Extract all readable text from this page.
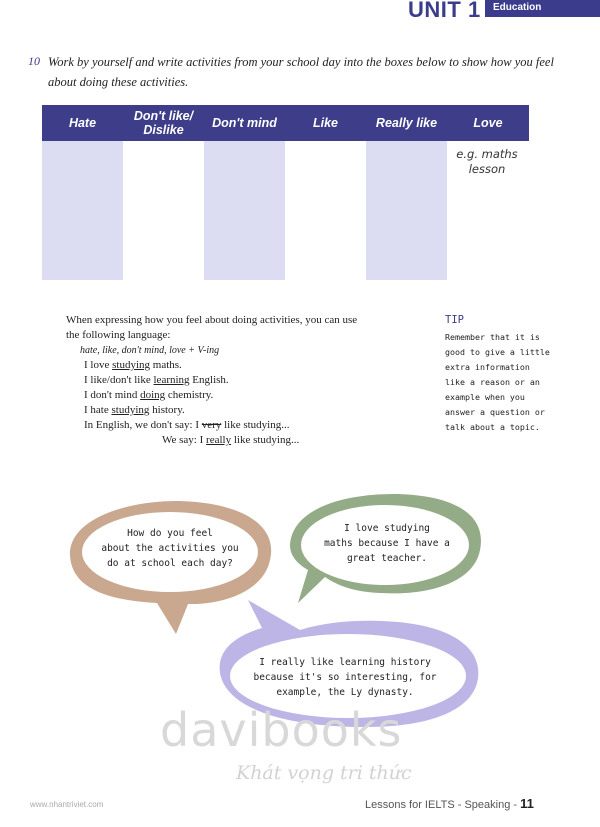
UNIT 1 Education
10 Work by yourself and write activities from your school day into the boxes below to show how you feel about doing these activities.
Hate	Don't like/ Dislike	Don't mind	Like	Really like	Love
e.g. maths lesson
When expressing how you feel about doing activities, you can use the following language:
hate, like, don't mind, love + V-ing
I love studying maths.
I like/don't like learning English.
I don't mind doing chemistry.
I hate studying history.
In English, we don't say: I very like studying...
We say: I really like studying...
TIP
Remember that it is
good to give a little
extra information
like a reason or an
example when you
answer a question or
talk about a topic.
How do you feel
about the activities you
do at school each day?
I love studying
maths because I have a
great teacher.
I really like learning history
because it's so interesting, for
example, the Ly dynasty.
davibooks
Khát vọng tri thức
www.nhantriviet.com	Lessons for IELTS - Speaking - 11
